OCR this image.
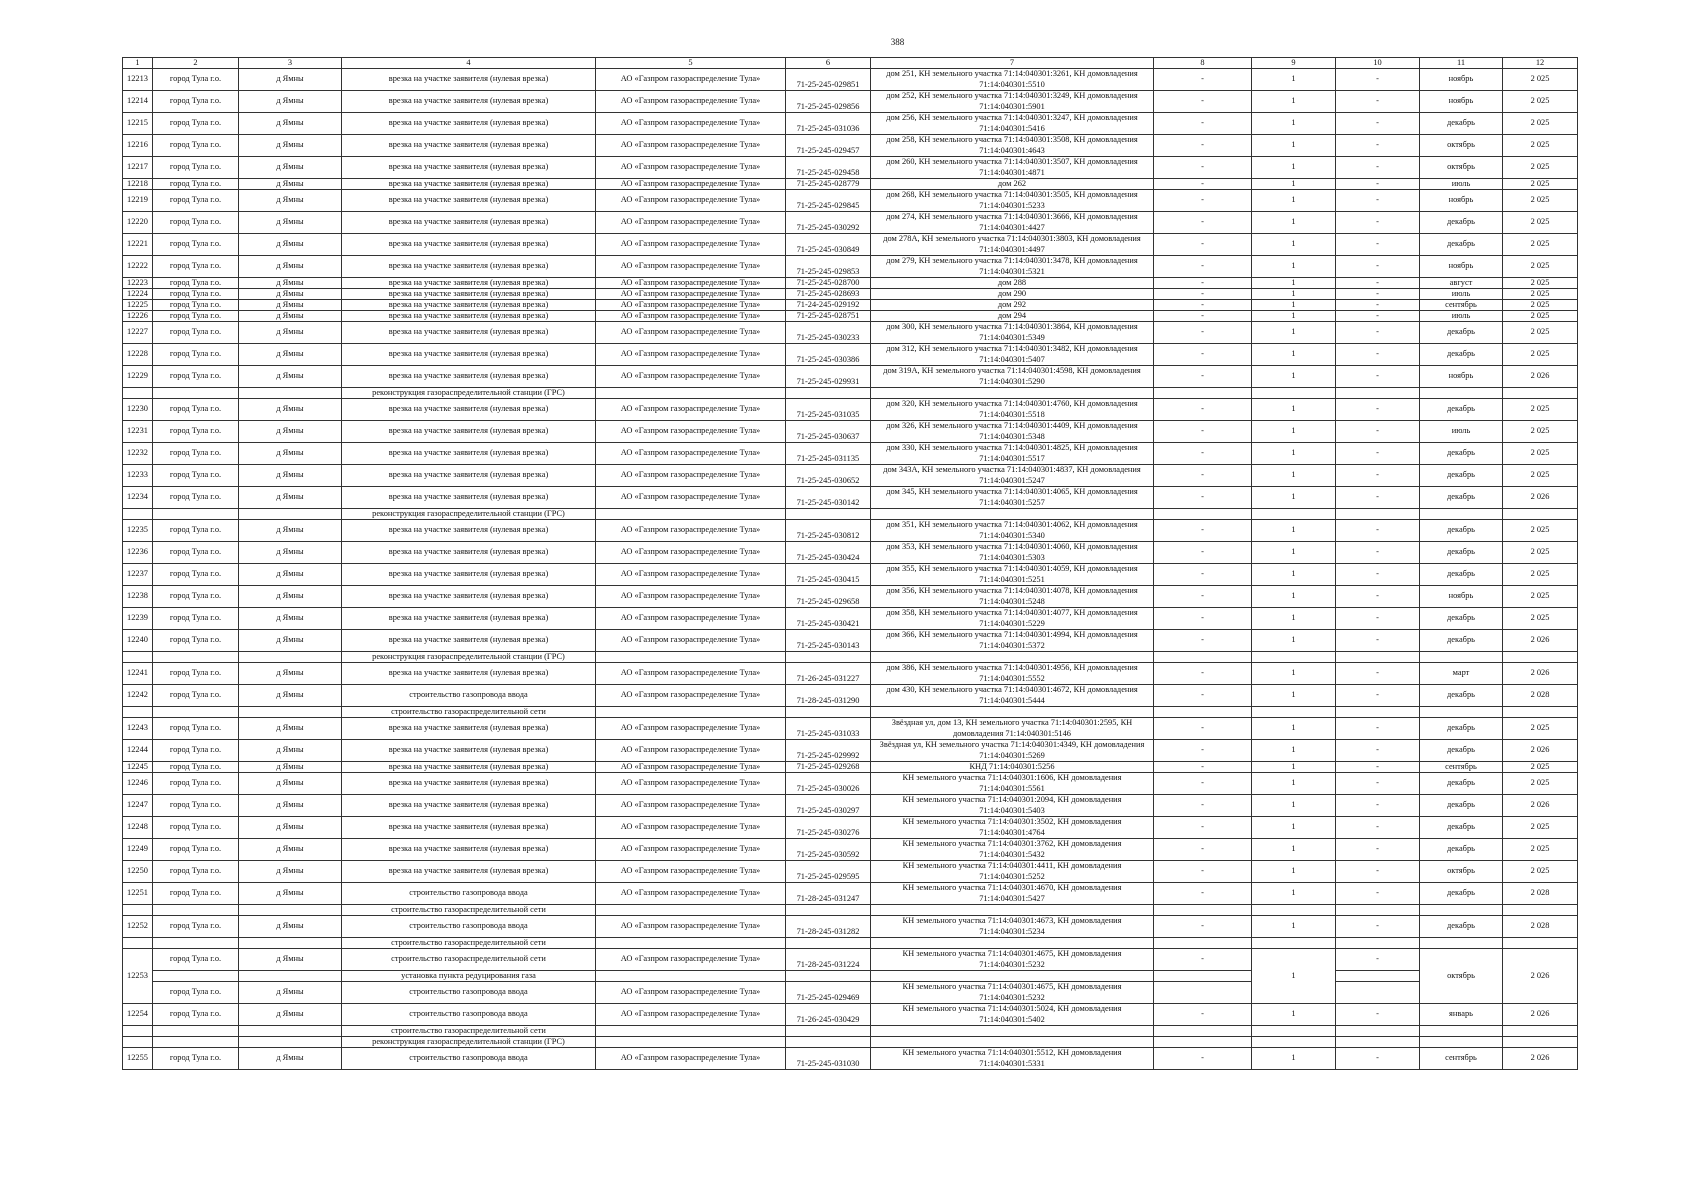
388
1	2	3	4	5	6	7	8	9	10	11	12
12213	город Тула г.о.	д Ямны	врезка на участке заявителя (нулевая врезка)	АО «Газпром газораспределение Тула»	71-25-245-029851	дом 251, КН земельного участка 71:14:040301:3261, КН домовладения 71:14:040301:5510	-	1	-	ноябрь	2 025
12214	город Тула г.о.	д Ямны	врезка на участке заявителя (нулевая врезка)	АО «Газпром газораспределение Тула»	71-25-245-029856	дом 252, КН земельного участка 71:14:040301:3249, КН домовладения 71:14:040301:5901	-	1	-	ноябрь	2 025
12215	город Тула г.о.	д Ямны	врезка на участке заявителя (нулевая врезка)	АО «Газпром газораспределение Тула»	71-25-245-031036	дом 256, КН земельного участка 71:14:040301:3247, КН домовладения 71:14:040301:5416	-	1	-	декабрь	2 025
12216	город Тула г.о.	д Ямны	врезка на участке заявителя (нулевая врезка)	АО «Газпром газораспределение Тула»	71-25-245-029457	дом 258, КН земельного участка 71:14:040301:3508, КН домовладения 71:14:040301:4643	-	1	-	октябрь	2 025
12217	город Тула г.о.	д Ямны	врезка на участке заявителя (нулевая врезка)	АО «Газпром газораспределение Тула»	71-25-245-029458	дом 260, КН земельного участка 71:14:040301:3507, КН домовладения 71:14:040301:4871	-	1	-	октябрь	2 025
12218	город Тула г.о.	д Ямны	врезка на участке заявителя (нулевая врезка)	АО «Газпром газораспределение Тула»	71-25-245-028779	дом 262	-	1	-	июль	2 025
12219	город Тула г.о.	д Ямны	врезка на участке заявителя (нулевая врезка)	АО «Газпром газораспределение Тула»	71-25-245-029845	дом 268, КН земельного участка 71:14:040301:3505, КН домовладения 71:14:040301:5233	-	1	-	ноябрь	2 025
12220	город Тула г.о.	д Ямны	врезка на участке заявителя (нулевая врезка)	АО «Газпром газораспределение Тула»	71-25-245-030292	дом 274, КН земельного участка 71:14:040301:3666, КН домовладения 71:14:040301:4427	-	1	-	декабрь	2 025
12221	город Тула г.о.	д Ямны	врезка на участке заявителя (нулевая врезка)	АО «Газпром газораспределение Тула»	71-25-245-030849	дом 278А, КН земельного участка 71:14:040301:3803, КН домовладения 71:14:040301:4497	-	1	-	декабрь	2 025
12222	город Тула г.о.	д Ямны	врезка на участке заявителя (нулевая врезка)	АО «Газпром газораспределение Тула»	71-25-245-029853	дом 279, КН земельного участка 71:14:040301:3478, КН домовладения 71:14:040301:5321	-	1	-	ноябрь	2 025
12223	город Тула г.о.	д Ямны	врезка на участке заявителя (нулевая врезка)	АО «Газпром газораспределение Тула»	71-25-245-028700	дом 288	-	1	-	август	2 025
12224	город Тула г.о.	д Ямны	врезка на участке заявителя (нулевая врезка)	АО «Газпром газораспределение Тула»	71-25-245-028693	дом 290	-	1	-	июль	2 025
12225	город Тула г.о.	д Ямны	врезка на участке заявителя (нулевая врезка)	АО «Газпром газораспределение Тула»	71-24-245-029192	дом 292	-	1	-	сентябрь	2 025
12226	город Тула г.о.	д Ямны	врезка на участке заявителя (нулевая врезка)	АО «Газпром газораспределение Тула»	71-25-245-028751	дом 294	-	1	-	июль	2 025
12227	город Тула г.о.	д Ямны	врезка на участке заявителя (нулевая врезка)	АО «Газпром газораспределение Тула»	71-25-245-030233	дом 300, КН земельного участка 71:14:040301:3864, КН домовладения 71:14:040301:5349	-	1	-	декабрь	2 025
12228	город Тула г.о.	д Ямны	врезка на участке заявителя (нулевая врезка)	АО «Газпром газораспределение Тула»	71-25-245-030386	дом 312, КН земельного участка 71:14:040301:3482, КН домовладения 71:14:040301:5407	-	1	-	декабрь	2 025
12229	город Тула г.о.	д Ямны	врезка на участке заявителя (нулевая врезка)	АО «Газпром газораспределение Тула»	71-25-245-029931	дом 319А, КН земельного участка 71:14:040301:4598, КН домовладения 71:14:040301:5290	-	1	-	ноябрь	2 026
			реконструкция газораспределительной станции (ГРС)								
12230	город Тула г.о.	д Ямны	врезка на участке заявителя (нулевая врезка)	АО «Газпром газораспределение Тула»	71-25-245-031035	дом 320, КН земельного участка 71:14:040301:4760, КН домовладения 71:14:040301:5518	-	1	-	декабрь	2 025
12231	город Тула г.о.	д Ямны	врезка на участке заявителя (нулевая врезка)	АО «Газпром газораспределение Тула»	71-25-245-030637	дом 326, КН земельного участка 71:14:040301:4409, КН домовладения 71:14:040301:5348	-	1	-	июль	2 025
12232	город Тула г.о.	д Ямны	врезка на участке заявителя (нулевая врезка)	АО «Газпром газораспределение Тула»	71-25-245-031135	дом 330, КН земельного участка 71:14:040301:4825, КН домовладения 71:14:040301:5517	-	1	-	декабрь	2 025
12233	город Тула г.о.	д Ямны	врезка на участке заявителя (нулевая врезка)	АО «Газпром газораспределение Тула»	71-25-245-030652	дом 343А, КН земельного участка 71:14:040301:4837, КН домовладения 71:14:040301:5247	-	1	-	декабрь	2 025
12234	город Тула г.о.	д Ямны	врезка на участке заявителя (нулевая врезка)	АО «Газпром газораспределение Тула»	71-25-245-030142	дом 345, КН земельного участка 71:14:040301:4065, КН домовладения 71:14:040301:5257	-	1	-	декабрь	2 026
			реконструкция газораспределительной станции (ГРС)								
12235	город Тула г.о.	д Ямны	врезка на участке заявителя (нулевая врезка)	АО «Газпром газораспределение Тула»	71-25-245-030812	дом 351, КН земельного участка 71:14:040301:4062, КН домовладения 71:14:040301:5340	-	1	-	декабрь	2 025
12236	город Тула г.о.	д Ямны	врезка на участке заявителя (нулевая врезка)	АО «Газпром газораспределение Тула»	71-25-245-030424	дом 353, КН земельного участка 71:14:040301:4060, КН домовладения 71:14:040301:5303	-	1	-	декабрь	2 025
12237	город Тула г.о.	д Ямны	врезка на участке заявителя (нулевая врезка)	АО «Газпром газораспределение Тула»	71-25-245-030415	дом 355, КН земельного участка 71:14:040301:4059, КН домовладения 71:14:040301:5251	-	1	-	декабрь	2 025
12238	город Тула г.о.	д Ямны	врезка на участке заявителя (нулевая врезка)	АО «Газпром газораспределение Тула»	71-25-245-029658	дом 356, КН земельного участка 71:14:040301:4078, КН домовладения 71:14:040301:5248	-	1	-	ноябрь	2 025
12239	город Тула г.о.	д Ямны	врезка на участке заявителя (нулевая врезка)	АО «Газпром газораспределение Тула»	71-25-245-030421	дом 358, КН земельного участка 71:14:040301:4077, КН домовладения 71:14:040301:5229	-	1	-	декабрь	2 025
12240	город Тула г.о.	д Ямны	врезка на участке заявителя (нулевая врезка)	АО «Газпром газораспределение Тула»	71-25-245-030143	дом 366, КН земельного участка 71:14:040301:4994, КН домовладения 71:14:040301:5372	-	1	-	декабрь	2 026
			реконструкция газораспределительной станции (ГРС)								
12241	город Тула г.о.	д Ямны	врезка на участке заявителя (нулевая врезка)	АО «Газпром газораспределение Тула»	71-26-245-031227	дом 386, КН земельного участка 71:14:040301:4956, КН домовладения 71:14:040301:5552	-	1	-	март	2 026
12242	город Тула г.о.	д Ямны	строительство газопровода ввода	АО «Газпром газораспределение Тула»	71-28-245-031290	дом 430, КН земельного участка 71:14:040301:4672, КН домовладения 71:14:040301:5444	-	1	-	декабрь	2 028
			строительство газораспределительной сети								
12243	город Тула г.о.	д Ямны	врезка на участке заявителя (нулевая врезка)	АО «Газпром газораспределение Тула»	71-25-245-031033	Звёздная ул, дом 13, КН земельного участка 71:14:040301:2595, КН домовладения 71:14:040301:5146	-	1	-	декабрь	2 025
12244	город Тула г.о.	д Ямны	врезка на участке заявителя (нулевая врезка)	АО «Газпром газораспределение Тула»	71-25-245-029992	Звёздная ул, КН земельного участка 71:14:040301:4349, КН домовладения 71:14:040301:5269	-	1	-	декабрь	2 026
12245	город Тула г.о.	д Ямны	врезка на участке заявителя (нулевая врезка)	АО «Газпром газораспределение Тула»	71-25-245-029268	КНД 71:14:040301:5256	-	1	-	сентябрь	2 025
12246	город Тула г.о.	д Ямны	врезка на участке заявителя (нулевая врезка)	АО «Газпром газораспределение Тула»	71-25-245-030026	КН земельного участка 71:14:040301:1606, КН домовладения 71:14:040301:5561	-	1	-	декабрь	2 025
12247	город Тула г.о.	д Ямны	врезка на участке заявителя (нулевая врезка)	АО «Газпром газораспределение Тула»	71-25-245-030297	КН земельного участка 71:14:040301:2094, КН домовладения 71:14:040301:5403	-	1	-	декабрь	2 026
12248	город Тула г.о.	д Ямны	врезка на участке заявителя (нулевая врезка)	АО «Газпром газораспределение Тула»	71-25-245-030276	КН земельного участка 71:14:040301:3502, КН домовладения 71:14:040301:4764	-	1	-	декабрь	2 025
12249	город Тула г.о.	д Ямны	врезка на участке заявителя (нулевая врезка)	АО «Газпром газораспределение Тула»	71-25-245-030592	КН земельного участка 71:14:040301:3762, КН домовладения 71:14:040301:5432	-	1	-	декабрь	2 025
12250	город Тула г.о.	д Ямны	врезка на участке заявителя (нулевая врезка)	АО «Газпром газораспределение Тула»	71-25-245-029595	КН земельного участка 71:14:040301:4411, КН домовладения 71:14:040301:5252	-	1	-	октябрь	2 025
12251	город Тула г.о.	д Ямны	строительство газопровода ввода	АО «Газпром газораспределение Тула»	71-28-245-031247	КН земельного участка 71:14:040301:4670, КН домовладения 71:14:040301:5427	-	1	-	декабрь	2 028
			строительство газораспределительной сети								
12252	город Тула г.о.	д Ямны	строительство газопровода ввода	АО «Газпром газораспределение Тула»	71-28-245-031282	КН земельного участка 71:14:040301:4673, КН домовладения 71:14:040301:5234	-	1	-	декабрь	2 028
			строительство газораспределительной сети								
12253	город Тула г.о.	д Ямны	строительство газораспределительной сети	АО «Газпром газораспределение Тула»	71-28-245-031224	КН земельного участка 71:14:040301:4675, КН домовладения 71:14:040301:5232	-	1	-	октябрь	2 026
			установка пункта редуцирования газа								
	город Тула г.о.	д Ямны	строительство газопровода ввода	АО «Газпром газораспределение Тула»	71-25-245-029469	КН земельного участка 71:14:040301:4675, КН домовладения 71:14:040301:5232					
12254	город Тула г.о.	д Ямны	строительство газопровода ввода	АО «Газпром газораспределение Тула»	71-26-245-030429	КН земельного участка 71:14:040301:5024, КН домовладения 71:14:040301:5402	-	1	-	январь	2 026
			строительство газораспределительной сети								
			реконструкция газораспределительной станции (ГРС)								
12255	город Тула г.о.	д Ямны	строительство газопровода ввода	АО «Газпром газораспределение Тула»	71-25-245-031030	КН земельного участка 71:14:040301:5512, КН домовладения 71:14:040301:5331	-	1	-	сентябрь	2 026
